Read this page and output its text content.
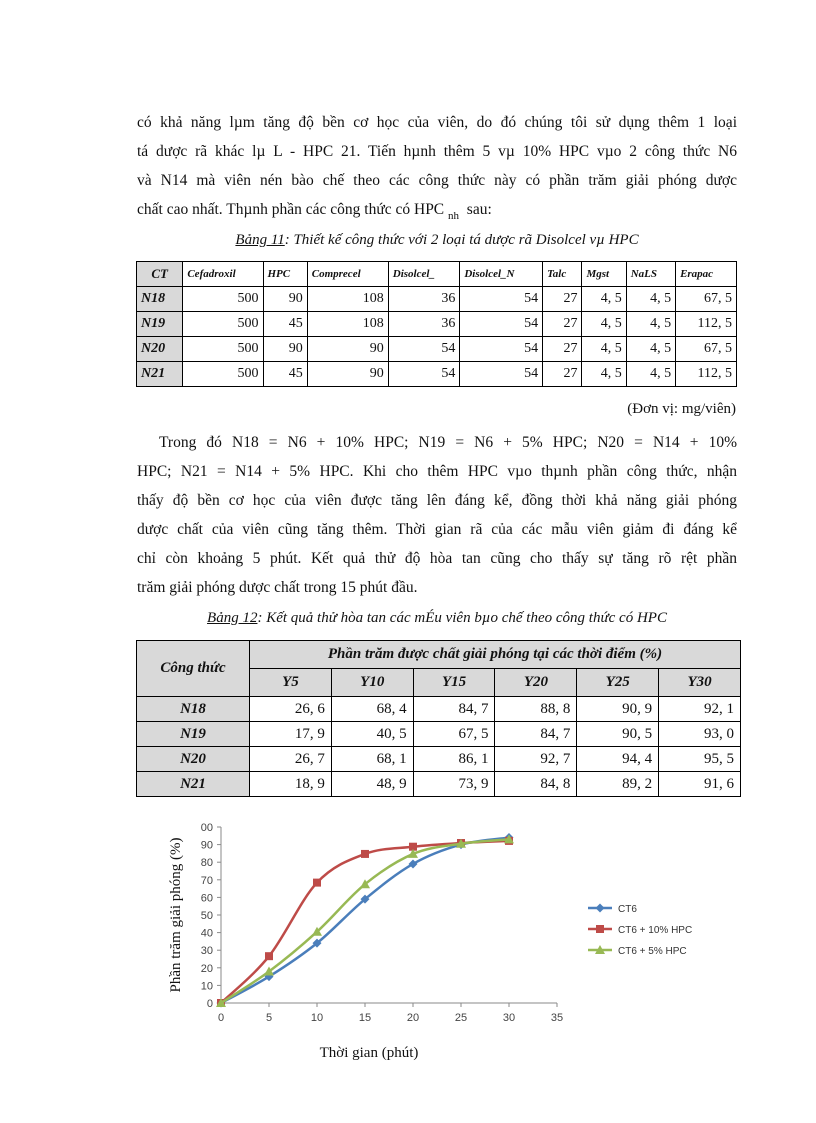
có khả năng lµm tăng độ bền cơ học của viên, do đó chúng tôi sử dụng thêm 1 loại
tá dược rã khác lµ L - HPC 21. Tiến hµnh thêm 5 vµ 10% HPC vµo 2 công thức N6
và N14 mà viên nén bào chế theo các công thức này có phần trăm giải phóng dược
chất cao nhất. Thµnh phần các công thức có HPC $_{nh}$ sau:
Bảng 11: Thiết kế công thức với 2 loại tá dược rã Disolcel vµ HPC
CT	Cefadroxil	HPC	Comprecel	Disolcel_	Disolcel_N	Talc	Mgst	NaLS	Erapac
N18	500	90	108	36	54	27	4, 5	4, 5	67, 5
N19	500	45	108	36	54	27	4, 5	4, 5	112, 5
N20	500	90	90	54	54	27	4, 5	4, 5	67, 5
N21	500	45	90	54	54	27	4, 5	4, 5	112, 5
(Đơn vị: mg/viên)
Trong đó N18 = N6 + 10% HPC; N19 = N6 + 5% HPC; N20 = N14 + 10%
HPC; N21 = N14 + 5% HPC. Khi cho thêm HPC vµo thµnh phần công thức, nhận
thấy độ bền cơ học của viên được tăng lên đáng kể, đồng thời khả năng giải phóng
dược chất của viên cũng tăng thêm. Thời gian rã của các mẫu viên giảm đi đáng kể
chỉ còn khoảng 5 phút. Kết quả thử độ hòa tan cũng cho thấy sự tăng rõ rệt phần
trăm giải phóng dược chất trong 15 phút đầu.
Bảng 12: Kết quả thử hòa tan các mÉu viên bµo chế theo công thức có HPC
Công thức	Phần trăm được chất giải phóng tại các thời điểm (%)					
	Y5	Y10	Y15	Y20	Y25	Y30
N18	26, 6	68, 4	84, 7	88, 8	90, 9	92, 1
N19	17, 9	40, 5	67, 5	84, 7	90, 5	93, 0
N20	26, 7	68, 1	86, 1	92, 7	94, 4	95, 5
N21	18, 9	48, 9	73, 9	84, 8	89, 2	91, 6
0
10
20
30
40
50
60
70
80
90
00
0	5	10	15	20	25	30	35
Phần trăm giải phóng (%)
Thời gian (phút)
CT6
CT6 + 10% HPC
CT6 + 5% HPC
